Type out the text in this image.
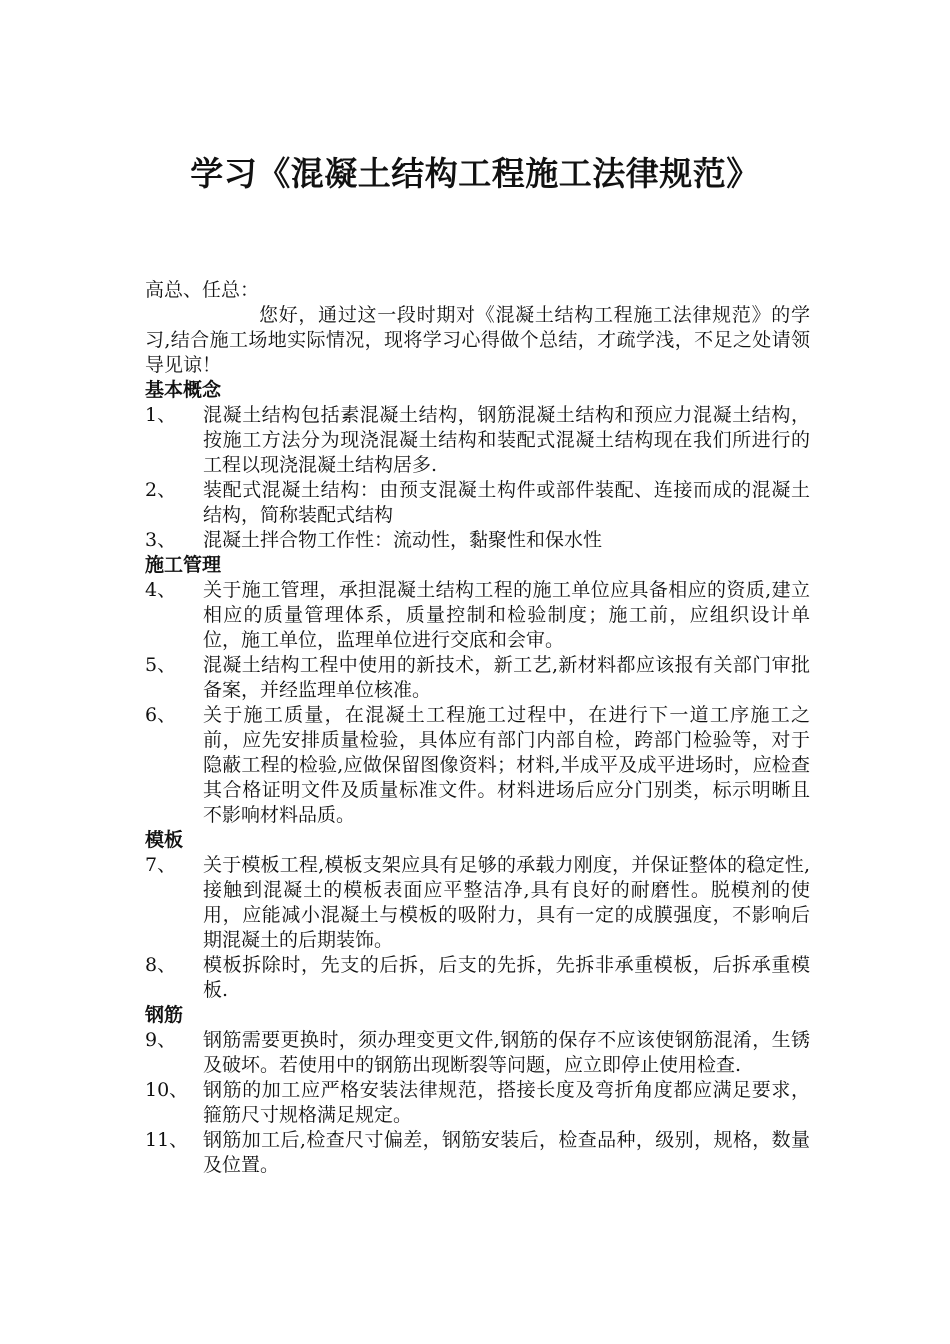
学习《混凝土结构工程施工法律规范》

高总、任总：

您好，通过这一段时期对《混凝土结构工程施工法律规范》的学习,结合施工场地实际情况，现将学习心得做个总结，才疏学浅，不足之处请领导见谅！

基本概念

1、	混凝土结构包括素混凝土结构，钢筋混凝土结构和预应力混凝土结构，按施工方法分为现浇混凝土结构和装配式混凝土结构现在我们所进行的工程以现浇混凝土结构居多.
2、	装配式混凝土结构：由预支混凝土构件或部件装配、连接而成的混凝土结构，简称装配式结构
3、	混凝土拌合物工作性：流动性，黏聚性和保水性

施工管理

4、	关于施工管理，承担混凝土结构工程的施工单位应具备相应的资质,建立相应的质量管理体系，质量控制和检验制度；施工前，应组织设计单位，施工单位，监理单位进行交底和会审。
5、	混凝土结构工程中使用的新技术，新工艺,新材料都应该报有关部门审批备案，并经监理单位核准。
6、	关于施工质量，在混凝土工程施工过程中，在进行下一道工序施工之前，应先安排质量检验，具体应有部门内部自检，跨部门检验等，对于隐蔽工程的检验,应做保留图像资料；材料,半成平及成平进场时，应检查其合格证明文件及质量标准文件。材料进场后应分门别类，标示明晰且不影响材料品质。

模板

7、	关于模板工程,模板支架应具有足够的承载力刚度，并保证整体的稳定性,接触到混凝土的模板表面应平整洁净,具有良好的耐磨性。脱模剂的使用，应能减小混凝土与模板的吸附力，具有一定的成膜强度，不影响后期混凝土的后期装饰。
8、	模板拆除时，先支的后拆，后支的先拆，先拆非承重模板，后拆承重模板.

钢筋

9、	钢筋需要更换时，须办理变更文件,钢筋的保存不应该使钢筋混淆，生锈及破坏。若使用中的钢筋出现断裂等问题，应立即停止使用检查.
10、 钢筋的加工应严格安装法律规范，搭接长度及弯折角度都应满足要求，箍筋尺寸规格满足规定。
11、 钢筋加工后,检查尺寸偏差，钢筋安装后，检查品种，级别，规格，数量及位置。
